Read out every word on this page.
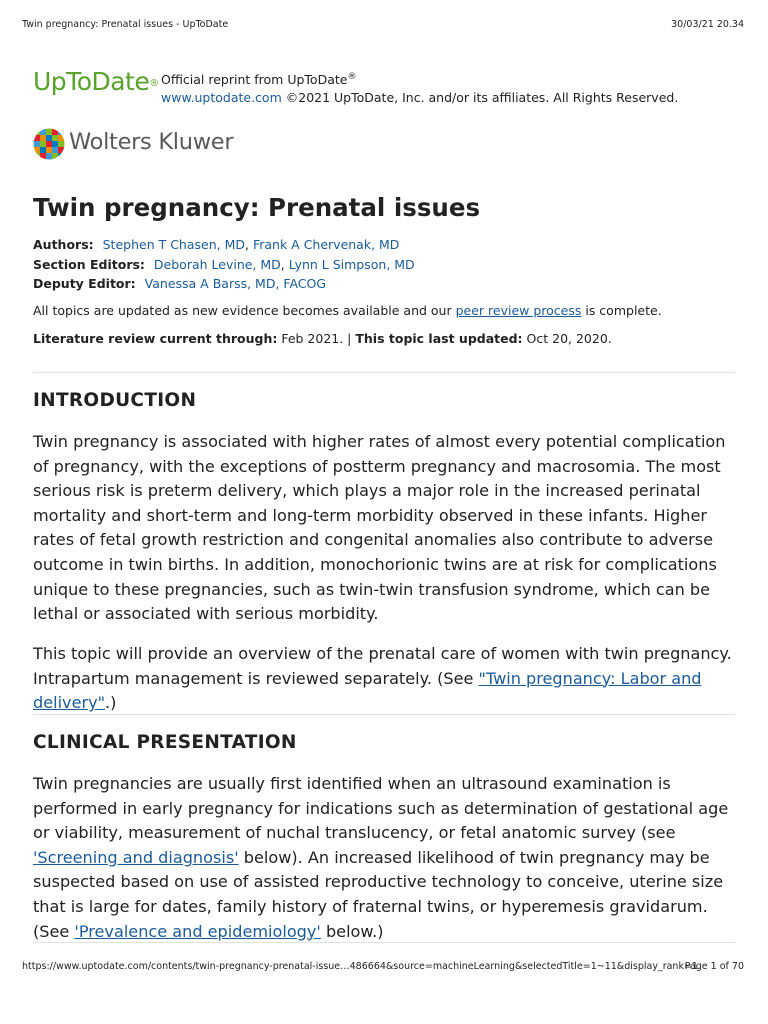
Twin pregnancy: Prenatal issues - UpToDate	30/03/21 20.34
UpToDate® Official reprint from UpToDate®
www.uptodate.com ©2021 UpToDate, Inc. and/or its affiliates. All Rights Reserved.
Wolters Kluwer
Twin pregnancy: Prenatal issues
Authors: Stephen T Chasen, MD, Frank A Chervenak, MD
Section Editors: Deborah Levine, MD, Lynn L Simpson, MD
Deputy Editor: Vanessa A Barss, MD, FACOG
All topics are updated as new evidence becomes available and our peer review process is complete.
Literature review current through: Feb 2021. | This topic last updated: Oct 20, 2020.
INTRODUCTION

Twin pregnancy is associated with higher rates of almost every potential complication of pregnancy, with the exceptions of postterm pregnancy and macrosomia. The most serious risk is preterm delivery, which plays a major role in the increased perinatal mortality and short-term and long-term morbidity observed in these infants. Higher rates of fetal growth restriction and congenital anomalies also contribute to adverse outcome in twin births. In addition, monochorionic twins are at risk for complications unique to these pregnancies, such as twin-twin transfusion syndrome, which can be lethal or associated with serious morbidity.

This topic will provide an overview of the prenatal care of women with twin pregnancy. Intrapartum management is reviewed separately. (See "Twin pregnancy: Labor and delivery".)

CLINICAL PRESENTATION

Twin pregnancies are usually first identified when an ultrasound examination is performed in early pregnancy for indications such as determination of gestational age or viability, measurement of nuchal translucency, or fetal anatomic survey (see 'Screening and diagnosis' below). An increased likelihood of twin pregnancy may be suspected based on use of assisted reproductive technology to conceive, uterine size that is large for dates, family history of fraternal twins, or hyperemesis gravidarum. (See 'Prevalence and epidemiology' below.)

https://www.uptodate.com/contents/twin-pregnancy-prenatal-issue…486664&source=machineLearning&selectedTitle=1~11&display_rank=1
Page 1 of 70
